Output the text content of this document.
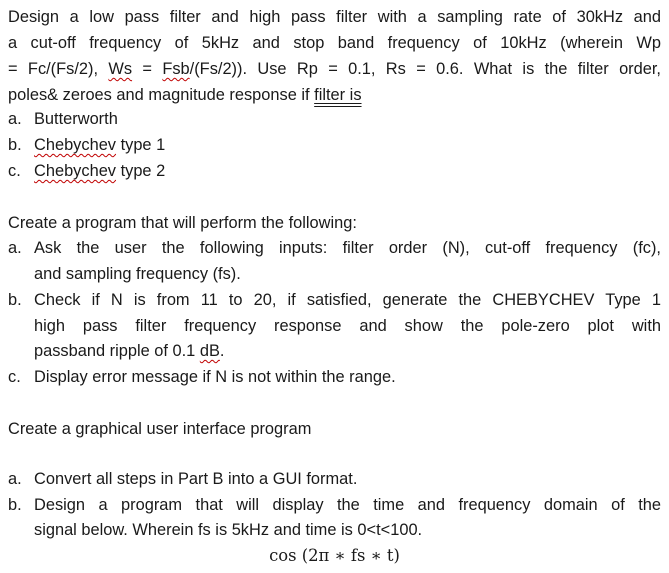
Design a low pass filter and high pass filter with a sampling rate of 30kHz and
a cut-off frequency of 5kHz and stop band frequency of 10kHz (wherein Wp
= Fc/(Fs/2), Ws = Fsb/(Fs/2)). Use Rp = 0.1, Rs = 0.6. What is the filter order,
poles& zeroes and magnitude response if filter is
a. Butterworth
b. Chebychev type 1
c. Chebychev type 2
Create a program that will perform the following:
a. Ask the user the following inputs: filter order (N), cut-off frequency (fc),
and sampling frequency (fs).
b. Check if N is from 11 to 20, if satisfied, generate the CHEBYCHEV Type 1
high pass filter frequency response and show the pole-zero plot with
passband ripple of 0.1 dB.
c. Display error message if N is not within the range.
Create a graphical user interface program
a. Convert all steps in Part B into a GUI format.
b. Design a program that will display the time and frequency domain of the
signal below. Wherein fs is 5kHz and time is 0<t<100.
cos (2π ∗ fs ∗ t)
